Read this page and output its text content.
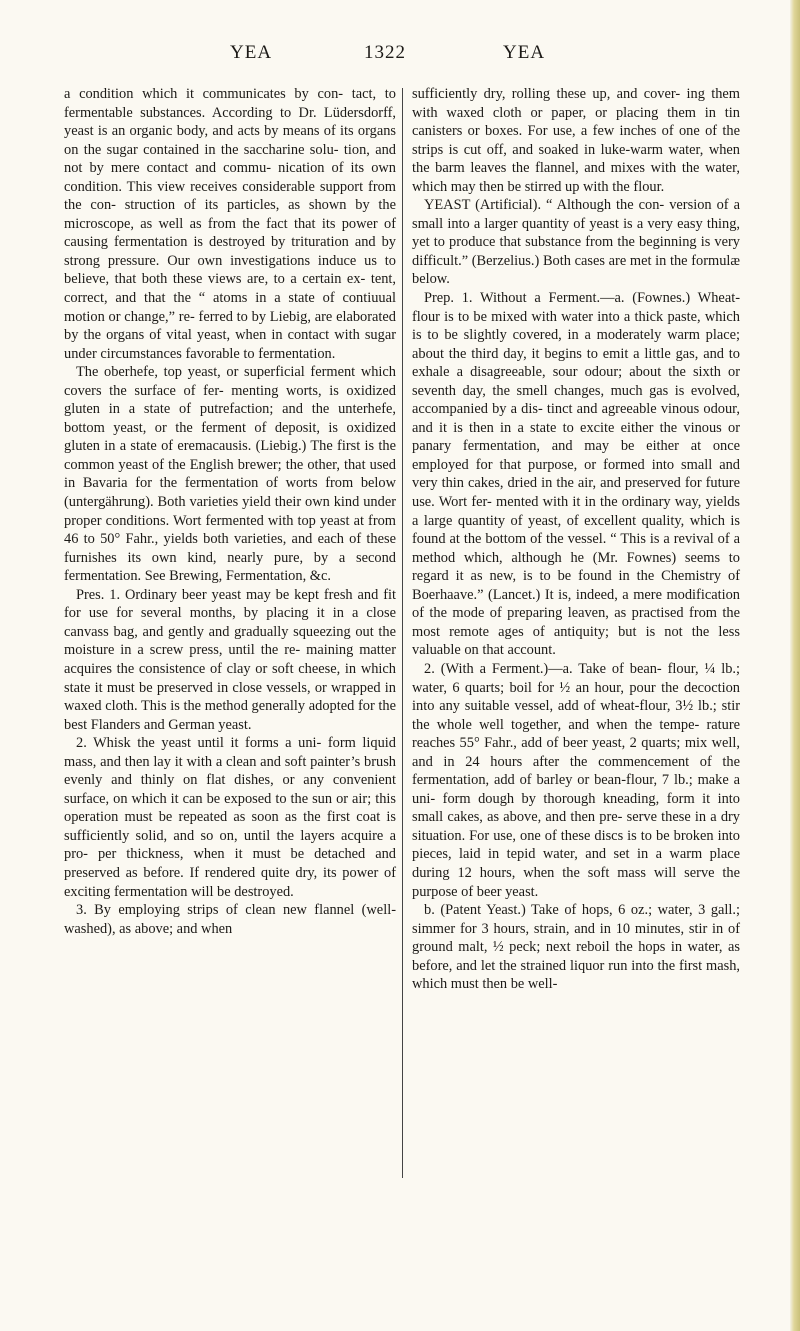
YEA	1322	YEA

a condition which it communicates by con- tact, to fermentable substances. According to Dr. Lüdersdorff, yeast is an organic body, and acts by means of its organs on the sugar contained in the saccharine solu- tion, and not by mere contact and commu- nication of its own condition. This view receives considerable support from the con- struction of its particles, as shown by the microscope, as well as from the fact that its power of causing fermentation is destroyed by trituration and by strong pressure. Our own investigations induce us to believe, that both these views are, to a certain ex- tent, correct, and that the “ atoms in a state of contiuual motion or change,” re- ferred to by Liebig, are elaborated by the organs of vital yeast, when in contact with sugar under circumstances favorable to fermentation.

The oberhefe, top yeast, or superficial ferment which covers the surface of fer- menting worts, is oxidized gluten in a state of putrefaction; and the unterhefe, bottom yeast, or the ferment of deposit, is oxidized gluten in a state of eremacausis. (Liebig.) The first is the common yeast of the English brewer; the other, that used in Bavaria for the fermentation of worts from below (untergährung). Both varieties yield their own kind under proper conditions. Wort fermented with top yeast at from 46 to 50° Fahr., yields both varieties, and each of these furnishes its own kind, nearly pure, by a second fermentation. See Brewing, Fermentation, &c.

Pres. 1. Ordinary beer yeast may be kept fresh and fit for use for several months, by placing it in a close canvass bag, and gently and gradually squeezing out the moisture in a screw press, until the re- maining matter acquires the consistence of clay or soft cheese, in which state it must be preserved in close vessels, or wrapped in waxed cloth. This is the method generally adopted for the best Flanders and German yeast.

2. Whisk the yeast until it forms a uni- form liquid mass, and then lay it with a clean and soft painter’s brush evenly and thinly on flat dishes, or any convenient surface, on which it can be exposed to the sun or air; this operation must be repeated as soon as the first coat is sufficiently solid, and so on, until the layers acquire a pro- per thickness, when it must be detached and preserved as before. If rendered quite dry, its power of exciting fermentation will be destroyed.

3. By employing strips of clean new flannel (well-washed), as above; and when

sufficiently dry, rolling these up, and cover- ing them with waxed cloth or paper, or placing them in tin canisters or boxes. For use, a few inches of one of the strips is cut off, and soaked in luke-warm water, when the barm leaves the flannel, and mixes with the water, which may then be stirred up with the flour.

YEAST (Artificial). “ Although the con- version of a small into a larger quantity of yeast is a very easy thing, yet to produce that substance from the beginning is very difficult.” (Berzelius.) Both cases are met in the formulæ below.

Prep. 1. Without a Ferment.—a. (Fownes.) Wheat-flour is to be mixed with water into a thick paste, which is to be slightly covered, in a moderately warm place; about the third day, it begins to emit a little gas, and to exhale a disagreeable, sour odour; about the sixth or seventh day, the smell changes, much gas is evolved, accompanied by a dis- tinct and agreeable vinous odour, and it is then in a state to excite either the vinous or panary fermentation, and may be either at once employed for that purpose, or formed into small and very thin cakes, dried in the air, and preserved for future use. Wort fer- mented with it in the ordinary way, yields a large quantity of yeast, of excellent quality, which is found at the bottom of the vessel. “ This is a revival of a method which, although he (Mr. Fownes) seems to regard it as new, is to be found in the Chemistry of Boerhaave.” (Lancet.) It is, indeed, a mere modification of the mode of preparing leaven, as practised from the most remote ages of antiquity; but is not the less valuable on that account.

2. (With a Ferment.)—a. Take of bean- flour, ¼ lb.; water, 6 quarts; boil for ½ an hour, pour the decoction into any suitable vessel, add of wheat-flour, 3½ lb.; stir the whole well together, and when the tempe- rature reaches 55° Fahr., add of beer yeast, 2 quarts; mix well, and in 24 hours after the commencement of the fermentation, add of barley or bean-flour, 7 lb.; make a uni- form dough by thorough kneading, form it into small cakes, as above, and then pre- serve these in a dry situation. For use, one of these discs is to be broken into pieces, laid in tepid water, and set in a warm place during 12 hours, when the soft mass will serve the purpose of beer yeast.

b. (Patent Yeast.) Take of hops, 6 oz.; water, 3 gall.; simmer for 3 hours, strain, and in 10 minutes, stir in of ground malt, ½ peck; next reboil the hops in water, as before, and let the strained liquor run into the first mash, which must then be well-
